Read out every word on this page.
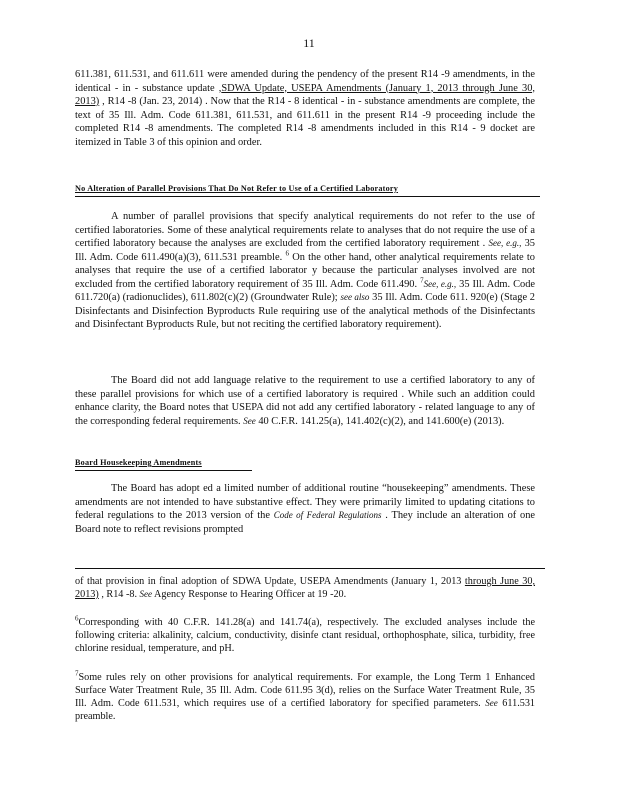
11
611.381, 611.531, and 611.611 were amended during the pendency of the present R14 -9 amendments, in the identical - in - substance update ,SDWA Update, USEPA Amendments (January 1, 2013 through June 30, 2013) , R14 -8 (Jan. 23, 2014) . Now that the R14 - 8 identical - in - substance amendments are complete, the text of 35 Ill. Adm. Code 611.381, 611.531, and 611.611 in the present R14 -9 proceeding include the completed R14 -8 amendments. The completed R14 -8 amendments included in this R14 - 9 docket are itemized in Table 3 of this opinion and order.
No Alteration of Parallel Provisions That Do Not Refer to Use of a Certified Laboratory
A number of parallel provisions that specify analytical requirements do not refer to the use of certified laboratories. Some of these analytical requirements relate to analyses that do not require the use of a certified laboratory because the analyses are excluded from the certified laboratory requirement . See, e.g., 35 Ill. Adm. Code 611.490(a)(3), 611.531 preamble. $^6$ On the other hand, other analytical requirements relate to analyses that require the use of a certified laborator y because the particular analyses involved are not excluded from the certified laboratory requirement of 35 Ill. Adm. Code 611.490. $^7$See, e.g., 35 Ill. Adm. Code 611.720(a) (radionuclides), 611.802(c)(2) (Groundwater Rule); see also 35 Ill. Adm. Code 611. 920(e) (Stage 2 Disinfectants and Disinfection Byproducts Rule requiring use of the analytical methods of the Disinfectants and Disinfectant Byproducts Rule, but not reciting the certified laboratory requirement).
The Board did not add language relative to the requirement to use a certified laboratory to any of these parallel provisions for which use of a certified laboratory is required . While such an addition could enhance clarity, the Board notes that USEPA did not add any certified laboratory - related language to any of the corresponding federal requirements. See 40 C.F.R. 141.25(a), 141.402(c)(2), and 141.600(e) (2013).
Board Housekeeping Amendments
The Board has adopt ed a limited number of additional routine “housekeeping” amendments. These amendments are not intended to have substantive effect. They were primarily limited to updating citations to federal regulations to the 2013 version of the Code of Federal Regulations . They include an alteration of one Board note to reflect revisions prompted
of that provision in final adoption of SDWA Update, USEPA Amendments (January 1, 2013 through June 30, 2013) , R14 -8. See Agency Response to Hearing Officer at 19 -20.
$^6$Corresponding with 40 C.F.R. 141.28(a) and 141.74(a), respectively. The excluded analyses include the following criteria: alkalinity, calcium, conductivity, disinfe ctant residual, orthophosphate, silica, turbidity, free chlorine residual, temperature, and pH.
$^7$Some rules rely on other provisions for analytical requirements. For example, the Long Term 1 Enhanced Surface Water Treatment Rule, 35 Ill. Adm. Code 611.95 3(d), relies on the Surface Water Treatment Rule, 35 Ill. Adm. Code 611.531, which requires use of a certified laboratory for specified parameters. See 611.531 preamble.
